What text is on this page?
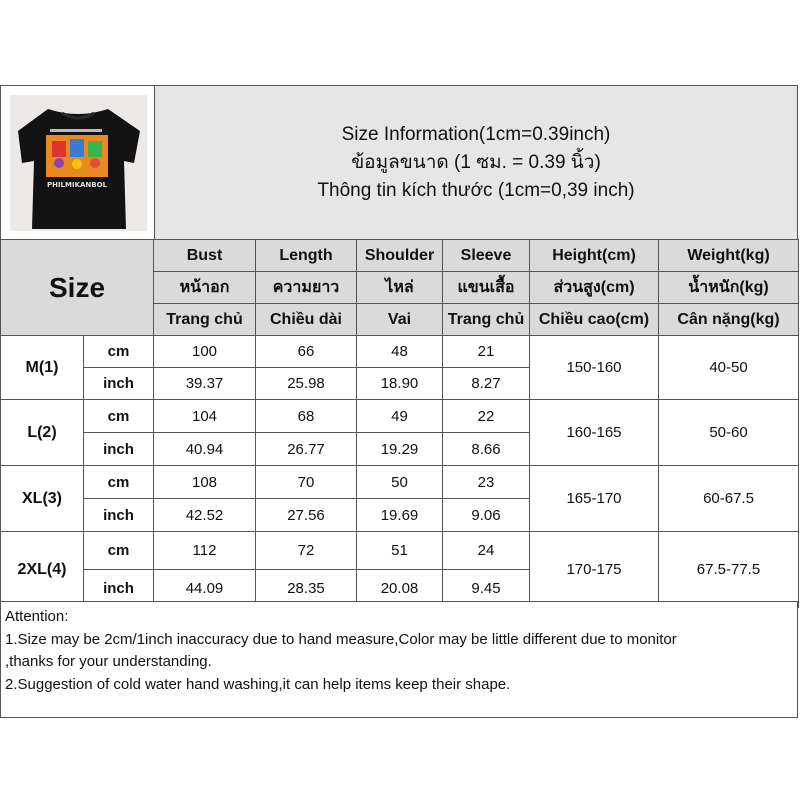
PHILMIKANBOL
Size Information(1cm=0.39inch)
ข้อมูลขนาด (1 ซม. = 0.39 นิ้ว)
Thông tin kích thước (1cm=0,39 inch)
Size		Bust	Length	Shoulder	Sleeve	Height(cm)	Weight(kg)
		หน้าอก	ความยาว	ไหล่	แขนเสื้อ	ส่วนสูง(cm)	น้ำหนัก(kg)
		Trang chủ	Chiều dài	Vai	Trang chủ	Chiều cao(cm)	Cân nặng(kg)
M(1)	cm	100	66	48	21	150-160	40-50
	inch	39.37	25.98	18.90	8.27		
L(2)	cm	104	68	49	22	160-165	50-60
	inch	40.94	26.77	19.29	8.66		
XL(3)	cm	108	70	50	23	165-170	60-67.5
	inch	42.52	27.56	19.69	9.06		
2XL(4)	cm	112	72	51	24	170-175	67.5-77.5
	inch	44.09	28.35	20.08	9.45		
Attention:
1.Size may be 2cm/1inch inaccuracy due to hand measure,Color may be little different due to monitor
,thanks for your understanding.
2.Suggestion of cold water hand washing,it can help items keep their shape.
